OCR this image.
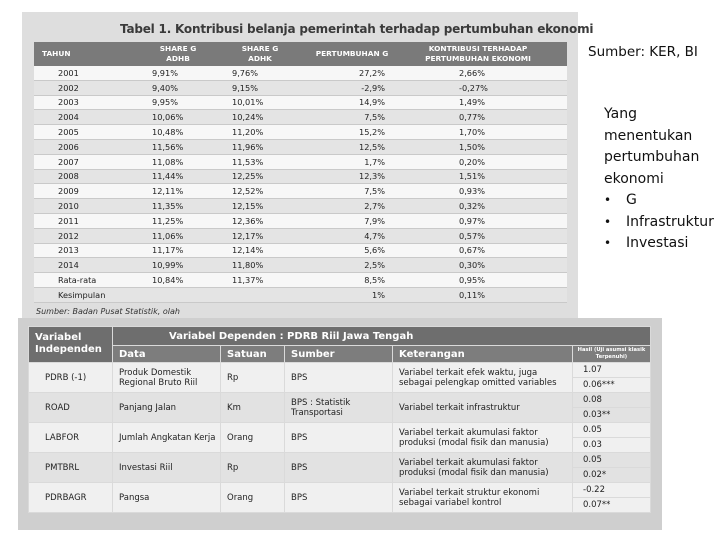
Tabel 1. Kontribusi belanja pemerintah terhadap pertumbuhan ekonomi
TAHUN	SHARE G ADHB	SHARE G ADHK	PERTUMBUHAN G	KONTRIBUSI TERHADAP PERTUMBUHAN EKONOMI

2001	9,91%	9,76%	27,2%	2,66%
2002	9,40%	9,15%	-2,9%	-0,27%
2003	9,95%	10,01%	14,9%	1,49%
2004	10,06%	10,24%	7,5%	0,77%
2005	10,48%	11,20%	15,2%	1,70%
2006	11,56%	11,96%	12,5%	1,50%
2007	11,08%	11,53%	1,7%	0,20%
2008	11,44%	12,25%	12,3%	1,51%
2009	12,11%	12,52%	7,5%	0,93%
2010	11,35%	12,15%	2,7%	0,32%
2011	11,25%	12,36%	7,9%	0,97%
2012	11,06%	12,17%	4,7%	0,57%
2013	11,17%	12,14%	5,6%	0,67%
2014	10,99%	11,80%	2,5%	0,30%
Rata-rata	10,84%	11,37%	8,5%	0,95%
Kesimpulan			1%	0,11%
Sumber: Badan Pusat Statistik, olah
Sumber: KER, BI

Yang menentukan pertumbuhan ekonomi

• G
• Infrastruktur
• Investasi
Variabel Independen	Variabel Dependen : PDRB Riil Jawa Tengah				
	Data	Satuan	Sumber	Keterangan	Hasil (Uji asumsi klasik Terpenuhi)
PDRB (-1)	Produk Domestik Regional Bruto Riil	Rp	BPS	Variabel terkait efek waktu, juga sebagai pelengkap omitted variables	1.07
					0.06***
ROAD	Panjang Jalan	Km	BPS : Statistik Transportasi	Variabel terkait infrastruktur	0.08
					0.03**
LABFOR	Jumlah Angkatan Kerja	Orang	BPS	Variabel terkait akumulasi faktor produksi (modal fisik dan manusia)	0.05
					0.03
PMTBRL	Investasi Riil	Rp	BPS	Variabel terkait akumulasi faktor produksi (modal fisik dan manusia)	0.05
					0.02*
PDRBAGR	Pangsa	Orang	BPS	Variabel terkait struktur ekonomi sebagai variabel kontrol	-0.22
					0.07**
